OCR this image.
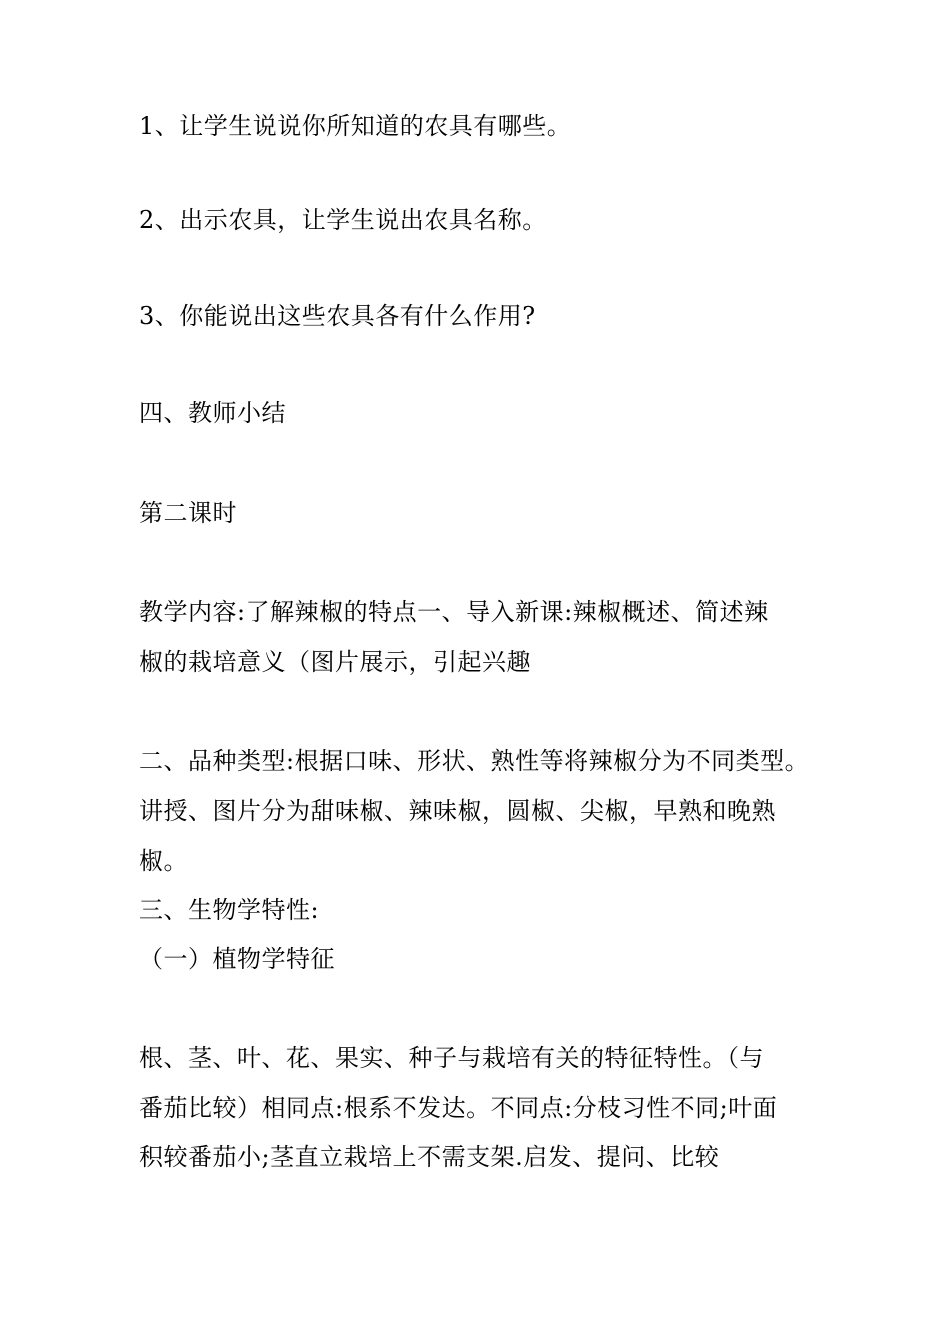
1、让学生说说你所知道的农具有哪些。
2、出示农具，让学生说出农具名称。
3、你能说出这些农具各有什么作用?
四、教师小结
第二课时
教学内容:了解辣椒的特点一、导入新课:辣椒概述、简述辣
椒的栽培意义（图片展示，引起兴趣
二、品种类型:根据口味、形状、熟性等将辣椒分为不同类型。
讲授、图片分为甜味椒、辣味椒，圆椒、尖椒，早熟和晚熟
椒。
三、生物学特性:
（一）植物学特征
根、茎、叶、花、果实、种子与栽培有关的特征特性。（与
番茄比较）相同点:根系不发达。不同点:分枝习性不同;叶面
积较番茄小;茎直立栽培上不需支架.启发、提问、比较
